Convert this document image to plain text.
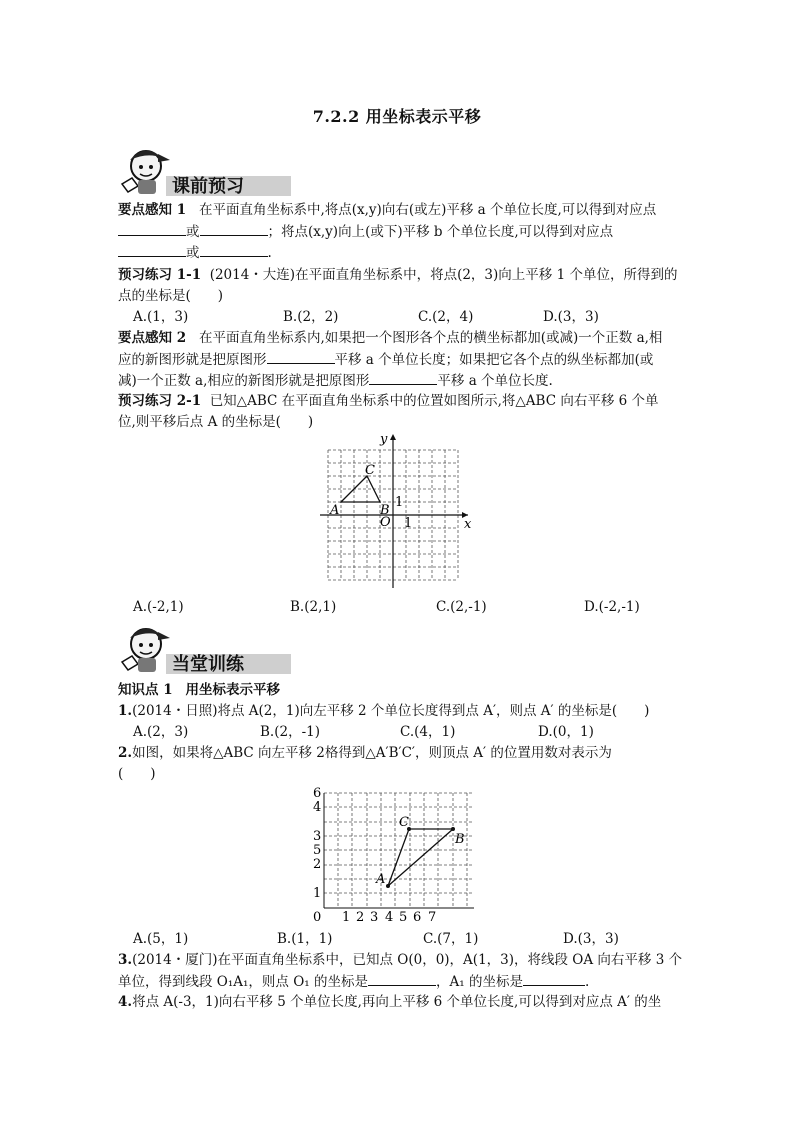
7.2.2 用坐标表示平移
课前预习
要点感知 1 在平面直角坐标系中,将点(x,y)向右(或左)平移 a 个单位长度,可以得到对应点
或	；将点(x,y)向上(或下)平移 b 个单位长度,可以得到对应点
或	.
预习练习 1-1 (2014・大连)在平面直角坐标系中，将点(2，3)向上平移 1 个单位，所得到的
点的坐标是(　　)
A.(1，3)	B.(2，2)	C.(2，4)	D.(3，3)
要点感知 2 在平面直角坐标系内,如果把一个图形各个点的横坐标都加(或减)一个正数 a,相
应的新图形就是把原图形	平移 a 个单位长度；如果把它各个点的纵坐标都加(或
减)一个正数 a,相应的新图形就是把原图形	平移 a 个单位长度.
预习练习 2-1 已知△ABC 在平面直角坐标系中的位置如图所示,将△ABC 向右平移 6 个单
位,则平移后点 A 的坐标是(　　)
x
y
O 1
1
A	B
C
A.(-2,1)	B.(2,1)	C.(2,-1)	D.(-2,-1)
当堂训练
知识点 1 用坐标表示平移
1.(2014・日照)将点 A(2，1)向左平移 2 个单位长度得到点 A′，则点 A′ 的坐标是(　　)
A.(2，3)	B.(2，-1)	C.(4，1)	D.(0，1)
2.如图，如果将△ABC 向左平移 2格得到△A′B′C′，则顶点 A′ 的位置用数对表示为
(　　)
A
B
C
0 1 2 3 4 5 6 7
1
2
3
4
5
6
A.(5，1)	B.(1，1)	C.(7，1)	D.(3，3)
3.(2014・厦门)在平面直角坐标系中，已知点 O(0，0)，A(1，3)，将线段 OA 向右平移 3 个
单位，得到线段 O₁A₁，则点 O₁ 的坐标是	，A₁ 的坐标是	.
4.将点 A(-3，1)向右平移 5 个单位长度,再向上平移 6 个单位长度,可以得到对应点 A′ 的坐
